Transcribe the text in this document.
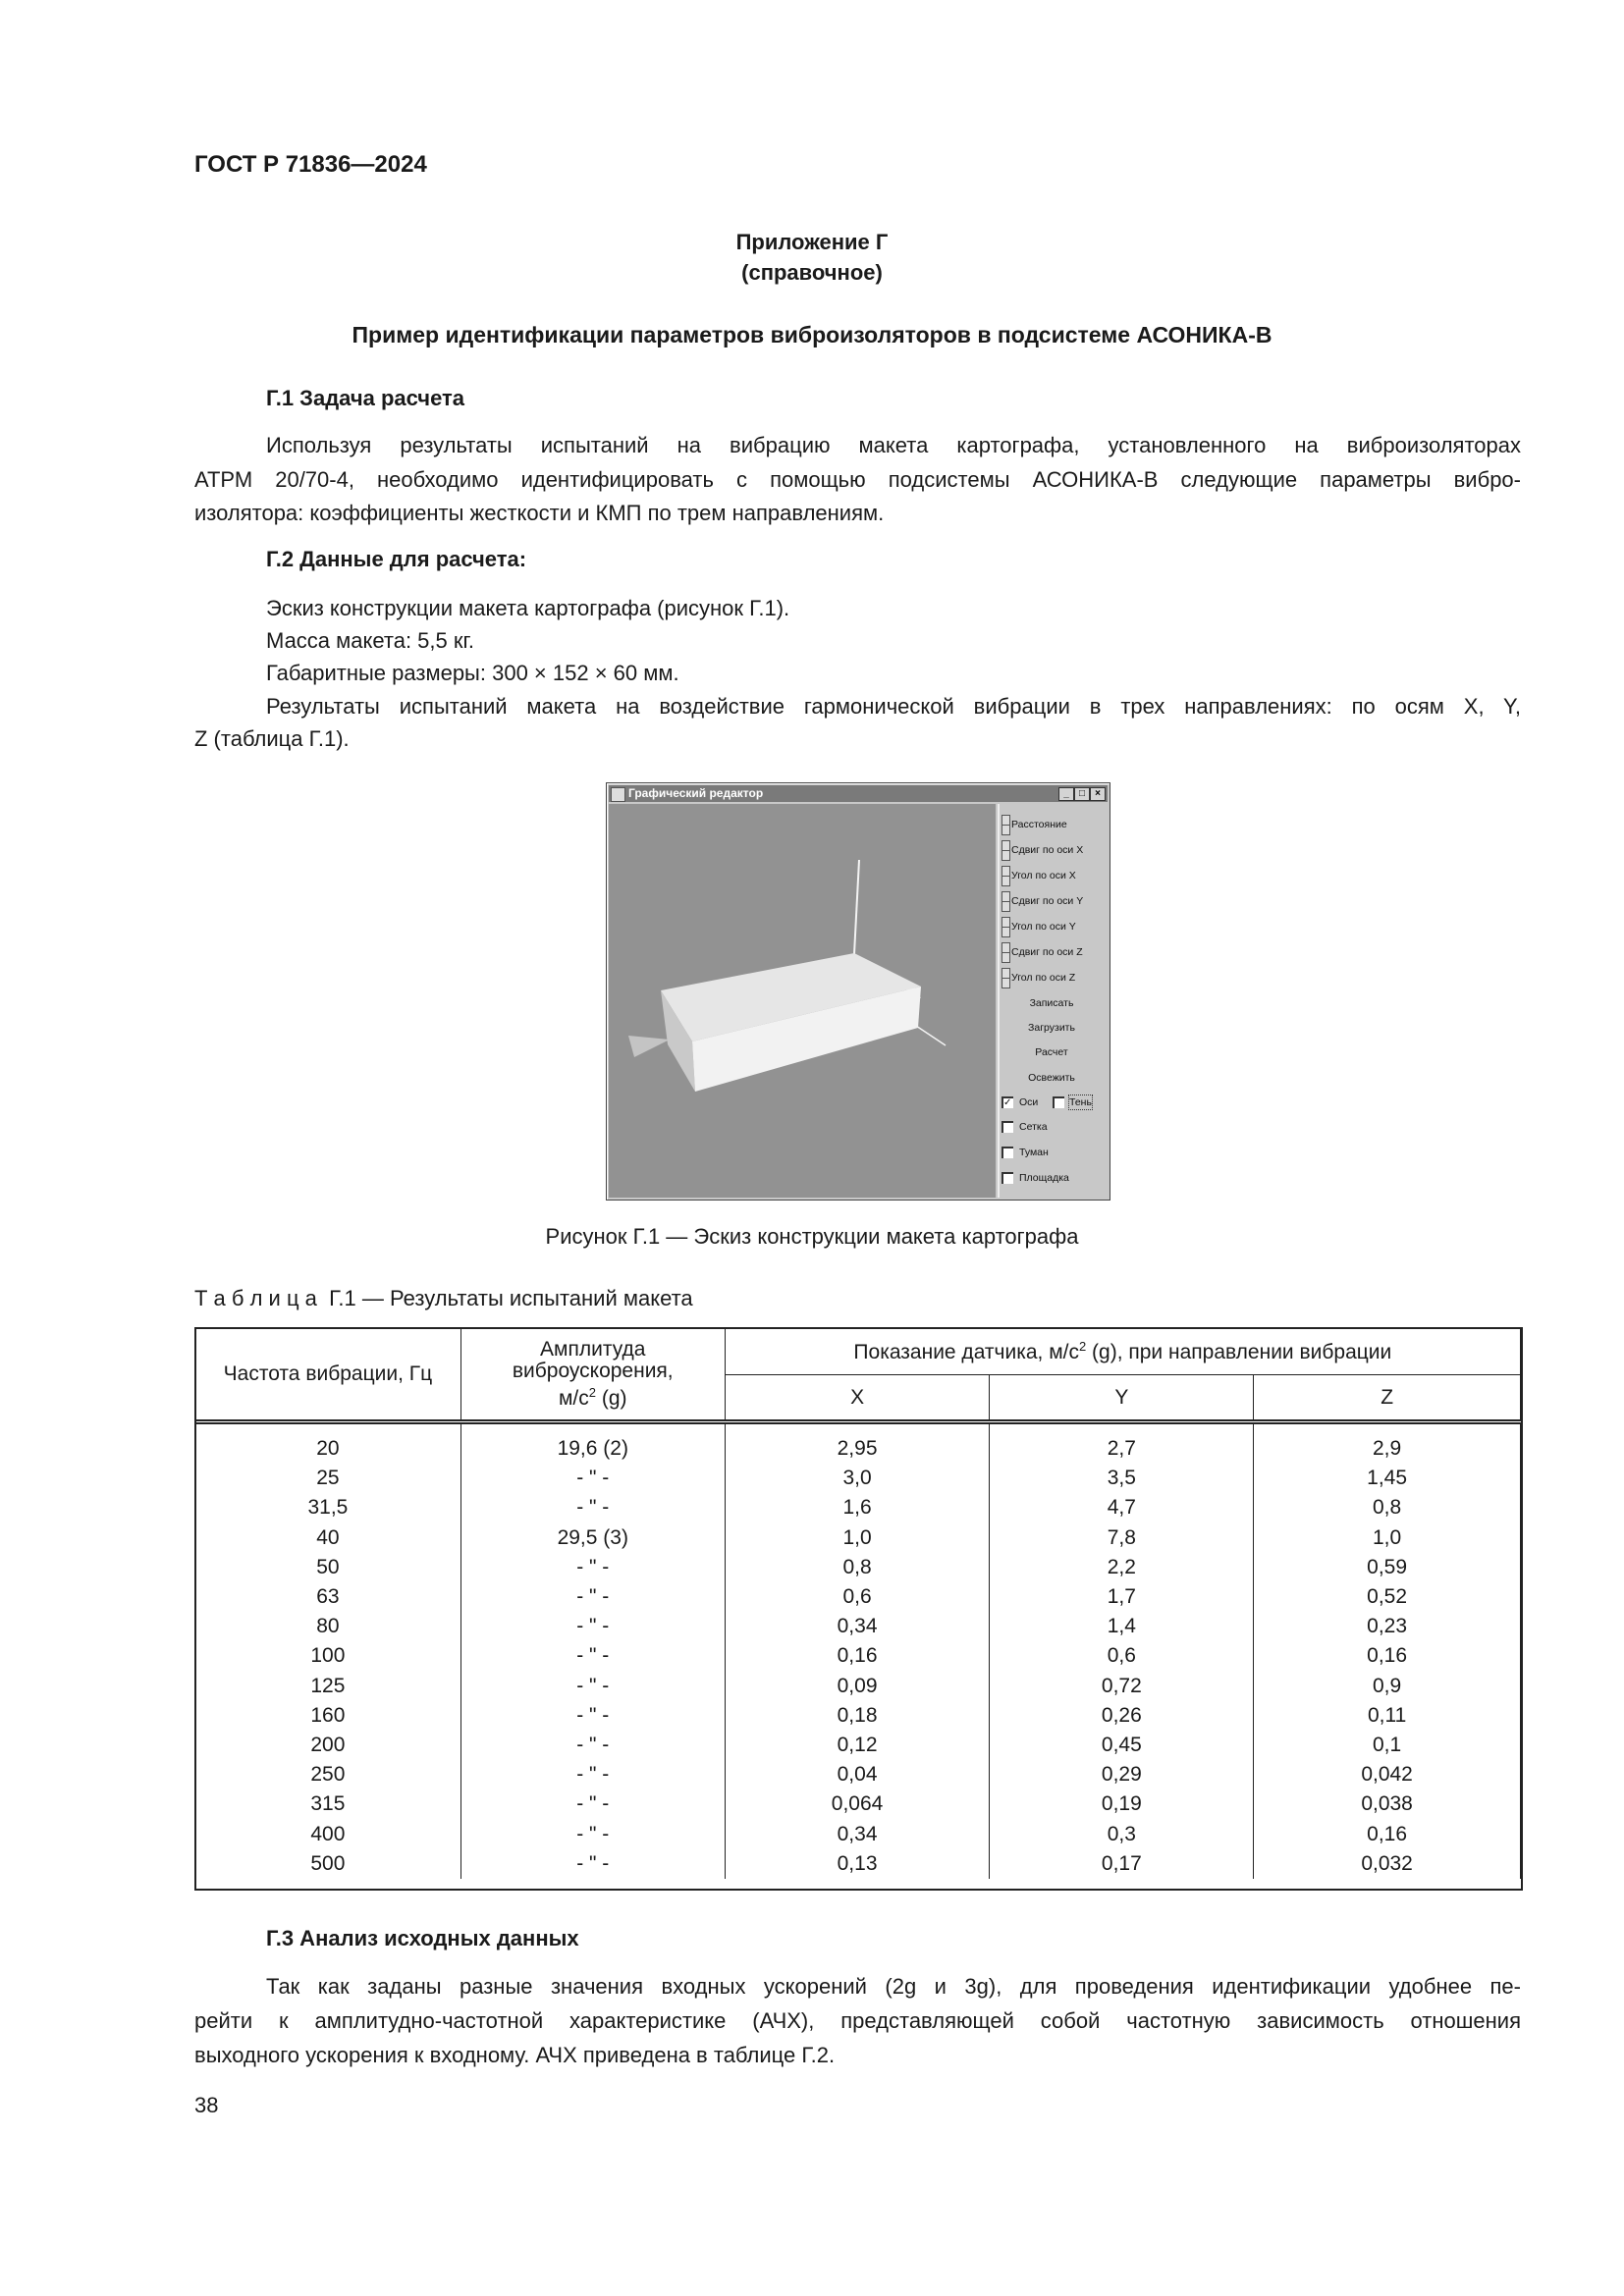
ГОСТ Р 71836—2024
Приложение Г
(справочное)
Пример идентификации параметров виброизоляторов в подсистеме АСОНИКА-В
Г.1 Задача расчета
Используя результаты испытаний на вибрацию макета картографа, установленного на виброизоляторах
АТРМ 20/70-4, необходимо идентифицировать с помощью подсистемы АСОНИКА-В следующие параметры вибро-
изолятора: коэффициенты жесткости и КМП по трем направлениям.
Г.2 Данные для расчета:
Эскиз конструкции макета картографа (рисунок Г.1).
Масса макета: 5,5 кг.
Габаритные размеры: 300 × 152 × 60 мм.
Результаты испытаний макета на воздействие гармонической вибрации в трех направлениях: по осям X, Y,
Z (таблица Г.1).
Графический редактор	_	□	×
Расстояние
Сдвиг по оси X
Угол по оси X
Сдвиг по оси Y
Угол по оси Y
Сдвиг по оси Z
Угол по оси Z
Записать
Загрузить
Расчет
Освежить
✓ Оси	Тень
Сетка
Туман
Площадка
Рисунок Г.1 — Эскиз конструкции макета картографа
Т а б л и ц а Г.1 — Результаты испытаний макета
Частота вибрации, Гц	Амплитуда
виброускорения,
$м/с^2$ (g)	Показание датчика, $м/с^2$ (g), при направлении вибрации		
		X	Y	Z
20	19,6 (2)	2,95	2,7	2,9
25	- " -	3,0	3,5	1,45
31,5	- " -	1,6	4,7	0,8
40	29,5 (3)	1,0	7,8	1,0
50	- " -	0,8	2,2	0,59
63	- " -	0,6	1,7	0,52
80	- " -	0,34	1,4	0,23
100	- " -	0,16	0,6	0,16
125	- " -	0,09	0,72	0,9
160	- " -	0,18	0,26	0,11
200	- " -	0,12	0,45	0,1
250	- " -	0,04	0,29	0,042
315	- " -	0,064	0,19	0,038
400	- " -	0,34	0,3	0,16
500	- " -	0,13	0,17	0,032
Г.3 Анализ исходных данных
Так как заданы разные значения входных ускорений (2g и 3g), для проведения идентификации удобнее пе-
рейти к амплитудно-частотной характеристике (АЧХ), представляющей собой частотную зависимость отношения
выходного ускорения к входному. АЧХ приведена в таблице Г.2.
38
